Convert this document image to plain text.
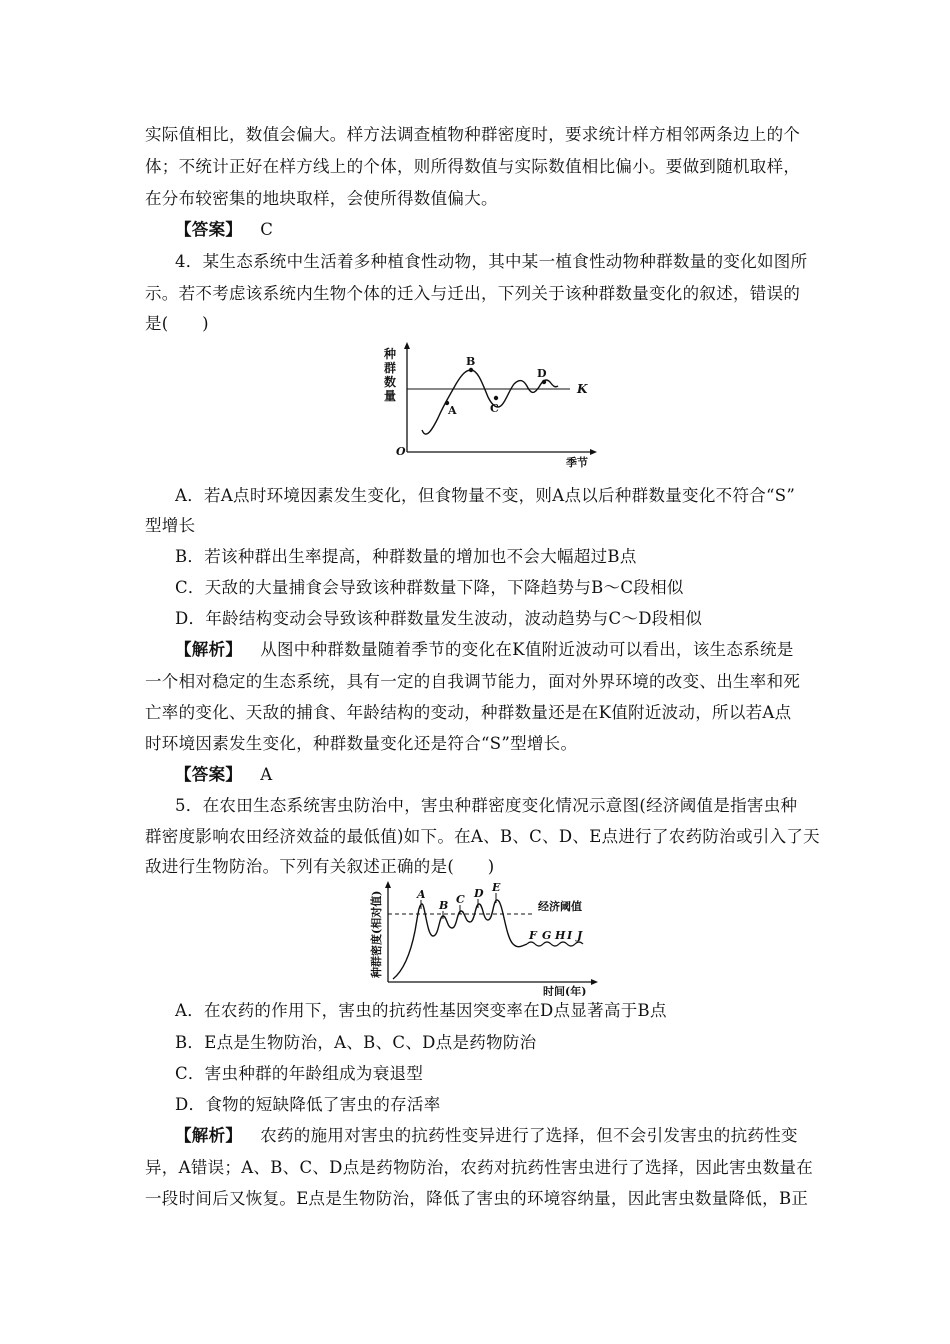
实际值相比，数值会偏大。样方法调查植物种群密度时，要求统计样方相邻两条边上的个
体；不统计正好在样方线上的个体，则所得数值与实际数值相比偏小。要做到随机取样，
在分布较密集的地块取样，会使所得数值偏大。
【答案】 C
4．某生态系统中生活着多种植食性动物，其中某一植食性动物种群数量的变化如图所
示。若不考虑该系统内生物个体的迁入与迁出，下列关于该种群数量变化的叙述，错误的
是(　　)
种
群
数
量	K
A
B
C
D
O
季节
A．若A点时环境因素发生变化，但食物量不变，则A点以后种群数量变化不符合“S”
型增长
B．若该种群出生率提高，种群数量的增加也不会大幅超过B点
C．天敌的大量捕食会导致该种群数量下降，下降趋势与B～C段相似
D．年龄结构变动会导致该种群数量发生波动，波动趋势与C～D段相似
【解析】 从图中种群数量随着季节的变化在K值附近波动可以看出，该生态系统是
一个相对稳定的生态系统，具有一定的自我调节能力，面对外界环境的改变、出生率和死
亡率的变化、天敌的捕食、年龄结构的变动，种群数量还是在K值附近波动，所以若A点
时环境因素发生变化，种群数量变化还是符合“S”型增长。
【答案】 A
5．在农田生态系统害虫防治中，害虫种群密度变化情况示意图(经济阈值是指害虫种
群密度影响农田经济效益的最低值)如下。在A、B、C、D、E点进行了农药防治或引入了天
敌进行生物防治。下列有关叙述正确的是(　　)
种群密度(相对值)	经济阈值
A
B C D E
F G H I J
时间(年)
A．在农药的作用下，害虫的抗药性基因突变率在D点显著高于B点
B．E点是生物防治，A、B、C、D点是药物防治
C．害虫种群的年龄组成为衰退型
D．食物的短缺降低了害虫的存活率
【解析】 农药的施用对害虫的抗药性变异进行了选择，但不会引发害虫的抗药性变
异，A错误；A、B、C、D点是药物防治，农药对抗药性害虫进行了选择，因此害虫数量在
一段时间后又恢复。E点是生物防治，降低了害虫的环境容纳量，因此害虫数量降低，B正
